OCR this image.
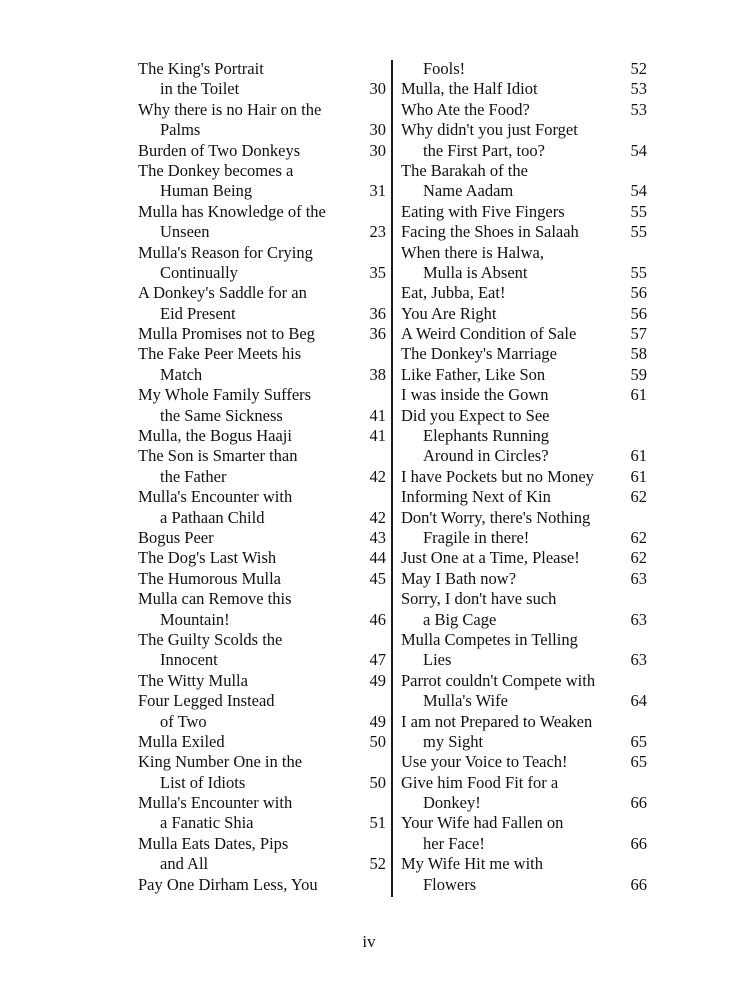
The King's Portrait
in the Toilet	30
Why there is no Hair on the
Palms	30
Burden of Two Donkeys	30
The Donkey becomes a
Human Being	31
Mulla has Knowledge of the
Unseen	23
Mulla's Reason for Crying
Continually	35
A Donkey's Saddle for an
Eid Present	36
Mulla Promises not to Beg	36
The Fake Peer Meets his
Match	38
My Whole Family Suffers
the Same Sickness	41
Mulla, the Bogus Haaji	41
The Son is Smarter than
the Father	42
Mulla's Encounter with
a Pathaan Child	42
Bogus Peer	43
The Dog's Last Wish	44
The Humorous Mulla	45
Mulla can Remove this
Mountain!	46
The Guilty Scolds the
Innocent	47
The Witty Mulla	49
Four Legged Instead
of Two	49
Mulla Exiled	50
King Number One in the
List of Idiots	50
Mulla's Encounter with
a Fanatic Shia	51
Mulla Eats Dates, Pips
and All	52
Pay One Dirham Less, You
Fools!	52
Mulla, the Half Idiot	53
Who Ate the Food?	53
Why didn't you just Forget
the First Part, too?	54
The Barakah of the
Name Aadam	54
Eating with Five Fingers	55
Facing the Shoes in Salaah	55
When there is Halwa,
Mulla is Absent	55
Eat, Jubba, Eat!	56
You Are Right	56
A Weird Condition of Sale	57
The Donkey's Marriage	58
Like Father, Like Son	59
I was inside the Gown	61
Did you Expect to See
Elephants Running
Around in Circles?	61
I have Pockets but no Money 61
Informing Next of Kin	62
Don't Worry, there's Nothing
Fragile in there!	62
Just One at a Time, Please!	62
May I Bath now?	63
Sorry, I don't have such
a Big Cage	63
Mulla Competes in Telling
Lies	63
Parrot couldn't Compete with
Mulla's Wife	64
I am not Prepared to Weaken
my Sight	65
Use your Voice to Teach!	65
Give him Food Fit for a
Donkey!	66
Your Wife had Fallen on
her Face!	66
My Wife Hit me with
Flowers	66
iv
